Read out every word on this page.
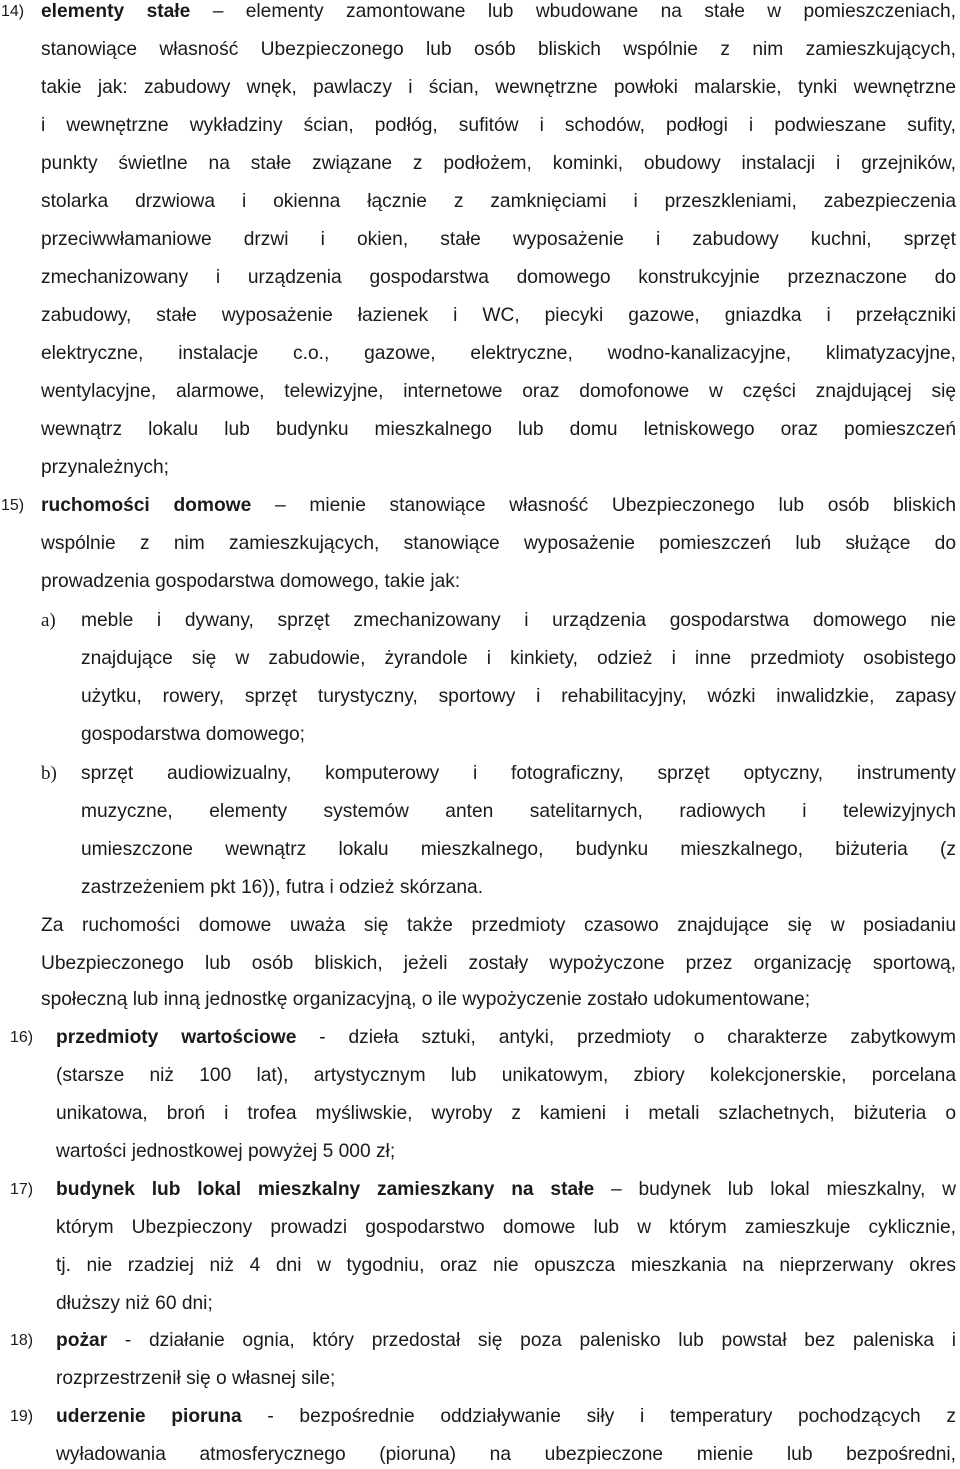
14) elementy stałe – elementy zamontowane lub wbudowane na stałe w pomieszczeniach,
stanowiące własność Ubezpieczonego lub osób bliskich wspólnie z nim zamieszkujących,
takie jak: zabudowy wnęk, pawlaczy i ścian, wewnętrzne powłoki malarskie, tynki wewnętrzne
i wewnętrzne wykładziny ścian, podłóg, sufitów i schodów, podłogi i podwieszane sufity,
punkty świetlne na stałe związane z podłożem, kominki, obudowy instalacji i grzejników,
stolarka drzwiowa i okienna łącznie z zamknięciami i przeszkleniami, zabezpieczenia
przeciwwłamaniowe drzwi i okien, stałe wyposażenie i zabudowy kuchni, sprzęt
zmechanizowany i urządzenia gospodarstwa domowego konstrukcyjnie przeznaczone do
zabudowy, stałe wyposażenie łazienek i WC, piecyki gazowe, gniazdka i przełączniki
elektryczne, instalacje c.o., gazowe, elektryczne, wodno-kanalizacyjne, klimatyzacyjne,
wentylacyjne, alarmowe, telewizyjne, internetowe oraz domofonowe w części znajdującej się
wewnątrz lokalu lub budynku mieszkalnego lub domu letniskowego oraz pomieszczeń
przynależnych;
15) ruchomości domowe – mienie stanowiące własność Ubezpieczonego lub osób bliskich
wspólnie z nim zamieszkujących, stanowiące wyposażenie pomieszczeń lub służące do
prowadzenia gospodarstwa domowego, takie jak:
a) meble i dywany, sprzęt zmechanizowany i urządzenia gospodarstwa domowego nie
znajdujące się w zabudowie, żyrandole i kinkiety, odzież i inne przedmioty osobistego
użytku, rowery, sprzęt turystyczny, sportowy i rehabilitacyjny, wózki inwalidzkie, zapasy
gospodarstwa domowego;
b) sprzęt audiowizualny, komputerowy i fotograficzny, sprzęt optyczny, instrumenty
muzyczne, elementy systemów anten satelitarnych, radiowych i telewizyjnych
umieszczone wewnątrz lokalu mieszkalnego, budynku mieszkalnego, biżuteria (z
zastrzeżeniem pkt 16)), futra i odzież skórzana.
Za ruchomości domowe uważa się także przedmioty czasowo znajdujące się w posiadaniu
Ubezpieczonego lub osób bliskich, jeżeli zostały wypożyczone przez organizację sportową,
społeczną lub inną jednostkę organizacyjną, o ile wypożyczenie zostało udokumentowane;
16) przedmioty wartościowe - dzieła sztuki, antyki, przedmioty o charakterze zabytkowym
(starsze niż 100 lat), artystycznym lub unikatowym, zbiory kolekcjonerskie, porcelana
unikatowa, broń i trofea myśliwskie, wyroby z kamieni i metali szlachetnych, biżuteria o
wartości jednostkowej powyżej 5 000 zł;
17) budynek lub lokal mieszkalny zamieszkany na stałe – budynek lub lokal mieszkalny, w
którym Ubezpieczony prowadzi gospodarstwo domowe lub w którym zamieszkuje cyklicznie,
tj. nie rzadziej niż 4 dni w tygodniu, oraz nie opuszcza mieszkania na nieprzerwany okres
dłuższy niż 60 dni;
18) pożar - działanie ognia, który przedostał się poza palenisko lub powstał bez paleniska i
rozprzestrzenił się o własnej sile;
19) uderzenie pioruna - bezpośrednie oddziaływanie siły i temperatury pochodzących z
wyładowania atmosferycznego (pioruna) na ubezpieczone mienie lub bezpośredni,
